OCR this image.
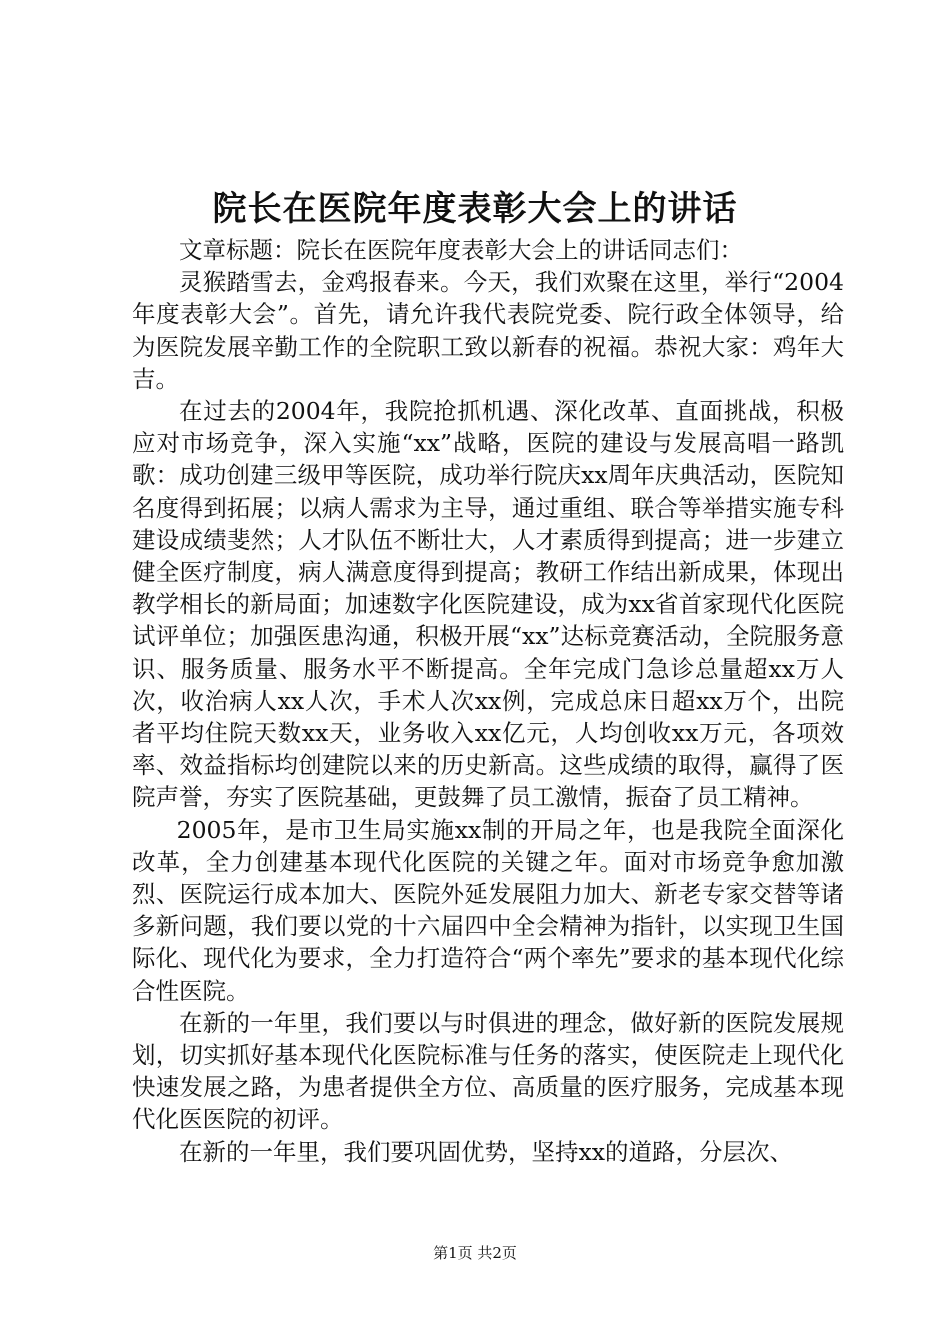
院长在医院年度表彰大会上的讲话

文章标题：院长在医院年度表彰大会上的讲话同志们：

灵猴踏雪去，金鸡报春来。今天，我们欢聚在这里，举行“2004年度表彰大会”。首先，请允许我代表院党委、院行政全体领导，给为医院发展辛勤工作的全院职工致以新春的祝福。恭祝大家：鸡年大吉。

在过去的2004年，我院抢抓机遇、深化改革、直面挑战，积极应对市场竞争，深入实施“xx”战略，医院的建设与发展高唱一路凯歌：成功创建三级甲等医院，成功举行院庆xx周年庆典活动，医院知名度得到拓展；以病人需求为主导，通过重组、联合等举措实施专科建设成绩斐然；人才队伍不断壮大，人才素质得到提高；进一步建立健全医疗制度，病人满意度得到提高；教研工作结出新成果，体现出教学相长的新局面；加速数字化医院建设，成为xx省首家现代化医院试评单位；加强医患沟通，积极开展“xx”达标竞赛活动，全院服务意识、服务质量、服务水平不断提高。全年完成门急诊总量超xx万人次，收治病人xx人次，手术人次xx例，完成总床日超xx万个，出院者平均住院天数xx天，业务收入xx亿元，人均创收xx万元，各项效率、效益指标均创建院以来的历史新高。这些成绩的取得，赢得了医院声誉，夯实了医院基础，更鼓舞了员工激情，振奋了员工精神。

2005年，是市卫生局实施xx制的开局之年，也是我院全面深化改革，全力创建基本现代化医院的关键之年。面对市场竞争愈加激烈、医院运行成本加大、医院外延发展阻力加大、新老专家交替等诸多新问题，我们要以党的十六届四中全会精神为指针，以实现卫生国际化、现代化为要求，全力打造符合“两个率先”要求的基本现代化综合性医院。

在新的一年里，我们要以与时俱进的理念，做好新的医院发展规划，切实抓好基本现代化医院标准与任务的落实，使医院走上现代化快速发展之路，为患者提供全方位、高质量的医疗服务，完成基本现代化医医院的初评。

在新的一年里，我们要巩固优势，坚持xx的道路，分层次、

第1页 共2页
